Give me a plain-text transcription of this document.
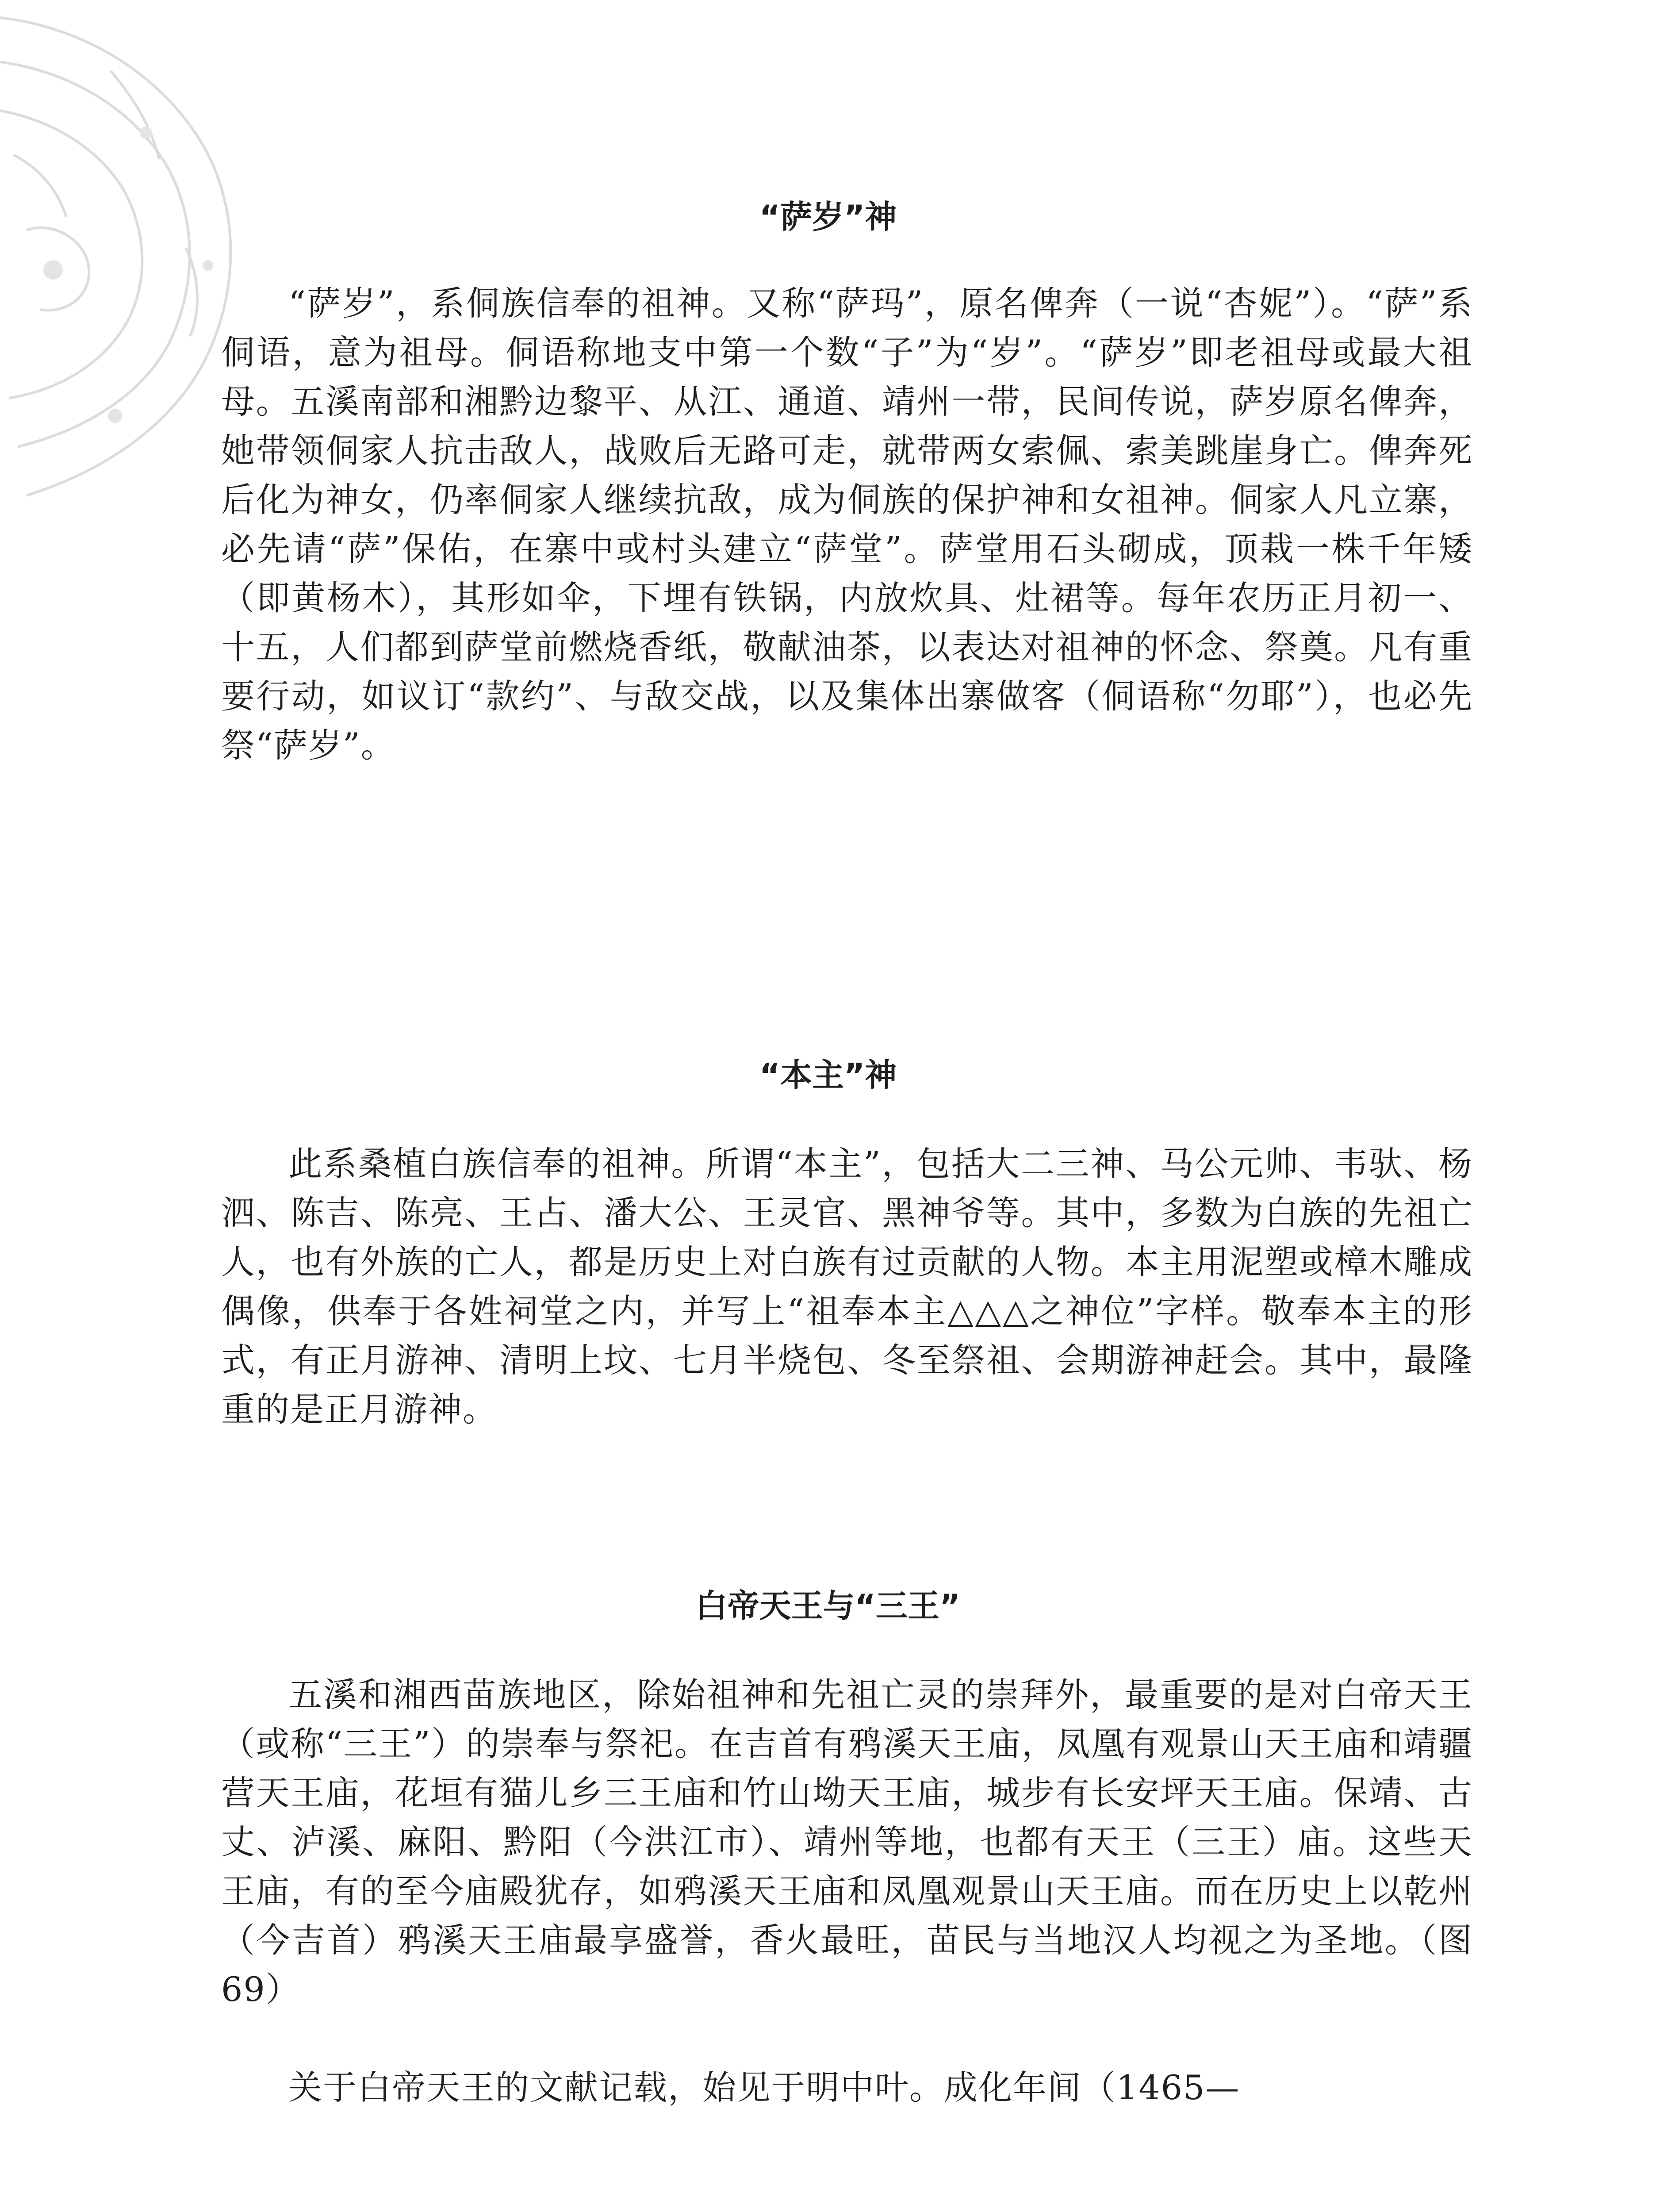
“萨岁”神

“萨岁”，系侗族信奉的祖神。又称“萨玛”，原名俾奔（一说“杏妮”）。“萨”系侗语，意为祖母。侗语称地支中第一个数“子”为“岁”。“萨岁”即老祖母或最大祖母。五溪南部和湘黔边黎平、从江、通道、靖州一带，民间传说，萨岁原名俾奔，她带领侗家人抗击敌人，战败后无路可走，就带两女索佩、索美跳崖身亡。俾奔死后化为神女，仍率侗家人继续抗敌，成为侗族的保护神和女祖神。侗家人凡立寨，必先请“萨”保佑，在寨中或村头建立“萨堂”。萨堂用石头砌成，顶栽一株千年矮（即黄杨木），其形如伞，下埋有铁锅，内放炊具、灶裙等。每年农历正月初一、十五，人们都到萨堂前燃烧香纸，敬献油茶，以表达对祖神的怀念、祭奠。凡有重要行动，如议订“款约”、与敌交战，以及集体出寨做客（侗语称“勿耶”），也必先祭“萨岁”。

“本主”神

此系桑植白族信奉的祖神。所谓“本主”，包括大二三神、马公元帅、韦驮、杨泗、陈吉、陈亮、王占、潘大公、王灵官、黑神爷等。其中，多数为白族的先祖亡人，也有外族的亡人，都是历史上对白族有过贡献的人物。本主用泥塑或樟木雕成偶像，供奉于各姓祠堂之内，并写上“祖奉本主△△△之神位”字样。敬奉本主的形式，有正月游神、清明上坟、七月半烧包、冬至祭祖、会期游神赶会。其中，最隆重的是正月游神。

白帝天王与“三王”

五溪和湘西苗族地区，除始祖神和先祖亡灵的崇拜外，最重要的是对白帝天王（或称“三王”）的崇奉与祭祀。在吉首有鸦溪天王庙，凤凰有观景山天王庙和靖疆营天王庙，花垣有猫儿乡三王庙和竹山坳天王庙，城步有长安坪天王庙。保靖、古丈、泸溪、麻阳、黔阳（今洪江市）、靖州等地，也都有天王（三王）庙。这些天王庙，有的至今庙殿犹存，如鸦溪天王庙和凤凰观景山天王庙。而在历史上以乾州（今吉首）鸦溪天王庙最享盛誉，香火最旺，苗民与当地汉人均视之为圣地。（图 69）

关于白帝天王的文献记载，始见于明中叶。成化年间（1465—
